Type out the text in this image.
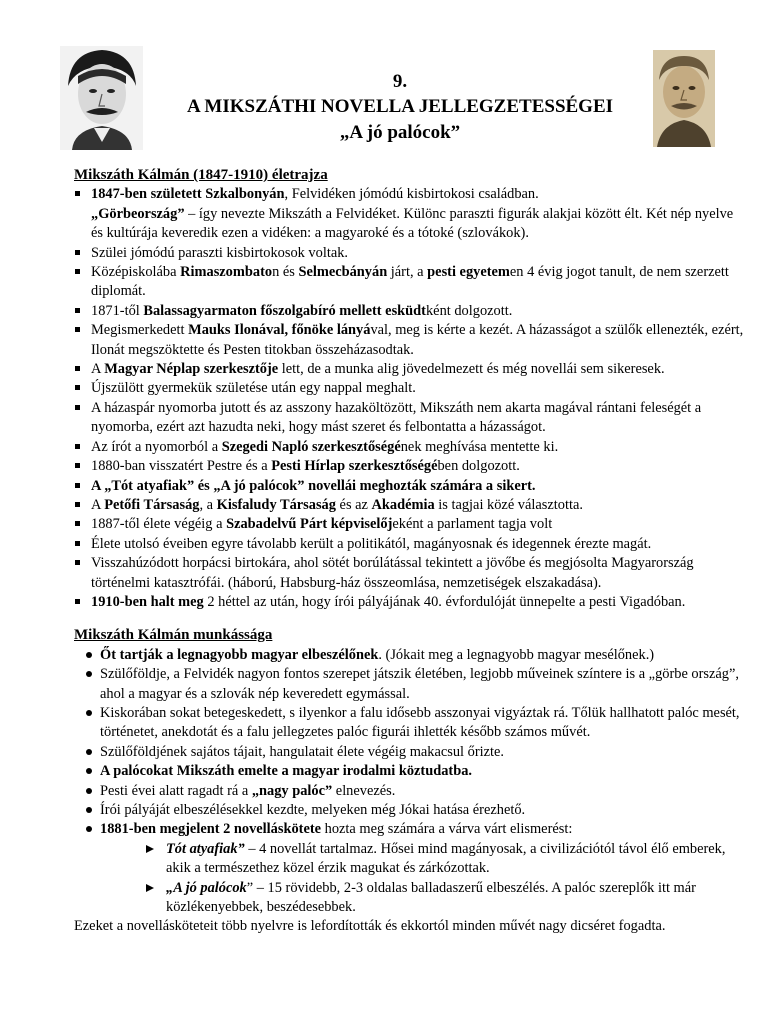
9.
A MIKSZÁTHI NOVELLA JELLEGZETESSÉGEI
„A jó palócok”

Mikszáth Kálmán (1847-1910) életrajza

1847-ben született Szkalbonyán, Felvidéken jómódú kisbirtokosi családban.
„Görbeország” – így nevezte Mikszáth a Felvidéket. Különc paraszti figurák alakjai között élt. Két nép nyelve és kultúrája keveredik ezen a vidéken: a magyaroké és a tótoké (szlovákok).
Szülei jómódú paraszti kisbirtokosok voltak.
Középiskolába Rimaszombaton és Selmecbányán járt, a pesti egyetemen 4 évig jogot tanult, de nem szerzett diplomát.
1871-től Balassagyarmaton főszolgabíró mellett esküdtként dolgozott.
Megismerkedett Mauks Ilonával, főnöke lányával, meg is kérte a kezét. A házasságot a szülők ellenezték, ezért, Ilonát megszöktette és Pesten titokban összeházasodtak.
A Magyar Néplap szerkesztője lett, de a munka alig jövedelmezett és még novellái sem sikeresek.
Újszülött gyermekük születése után egy nappal meghalt.
A házaspár nyomorba jutott és az asszony hazaköltözött, Mikszáth nem akarta magával rántani feleségét a nyomorba, ezért azt hazudta neki, hogy mást szeret és felbontatta a házasságot.
Az írót a nyomorból a Szegedi Napló szerkesztőségének meghívása mentette ki.
1880-ban visszatért Pestre és a Pesti Hírlap szerkesztőségében dolgozott.
A „Tót atyafiak” és „A jó palócok” novellái meghozták számára a sikert.
A Petőfi Társaság, a Kisfaludy Társaság és az Akadémia is tagjai közé választotta.
1887-től élete végéig a Szabadelvű Párt képviselőjeként a parlament tagja volt
Élete utolsó éveiben egyre távolabb került a politikától, magányosnak és idegennek érezte magát.
Visszahúzódott horpácsi birtokára, ahol sötét borúlátással tekintett a jövőbe és megjósolta Magyarország történelmi katasztrófái. (háború, Habsburg-ház összeomlása, nemzetiségek elszakadása).
1910-ben halt meg 2 héttel az után, hogy írói pályájának 40. évfordulóját ünnepelte a pesti Vigadóban.

Mikszáth Kálmán munkássága

Őt tartják a legnagyobb magyar elbeszélőnek. (Jókait meg a legnagyobb magyar mesélőnek.)
Szülőföldje, a Felvidék nagyon fontos szerepet játszik életében, legjobb műveinek színtere is a „görbe ország”, ahol a magyar és a szlovák nép keveredett egymással.
Kiskorában sokat betegeskedett, s ilyenkor a falu idősebb asszonyai vigyáztak rá. Tőlük hallhatott palóc mesét, történetet, anekdotát és a falu jellegzetes palóc figurái ihlették később számos művét.
Szülőföldjének sajátos tájait, hangulatait élete végéig makacsul őrizte.
A palócokat Mikszáth emelte a magyar irodalmi köztudatba.
Pesti évei alatt ragadt rá a „nagy palóc” elnevezés.
Írói pályáját elbeszélésekkel kezdte, melyeken még Jókai hatása érezhető.
1881-ben megjelent 2 novelláskötete hozta meg számára a várva várt elismerést:
Tót atyafiak” – 4 novellát tartalmaz. Hősei mind magányosak, a civilizációtól távol élő emberek, akik a természethez közel érzik magukat és zárkózottak.
„A jó palócok” – 15 rövidebb, 2-3 oldalas balladaszerű elbeszélés. A palóc szereplők itt már közlékenyebbek, beszédesebbek.
Ezeket a novellásköteteit több nyelvre is lefordították és ekkortól minden művét nagy dicséret fogadta.
